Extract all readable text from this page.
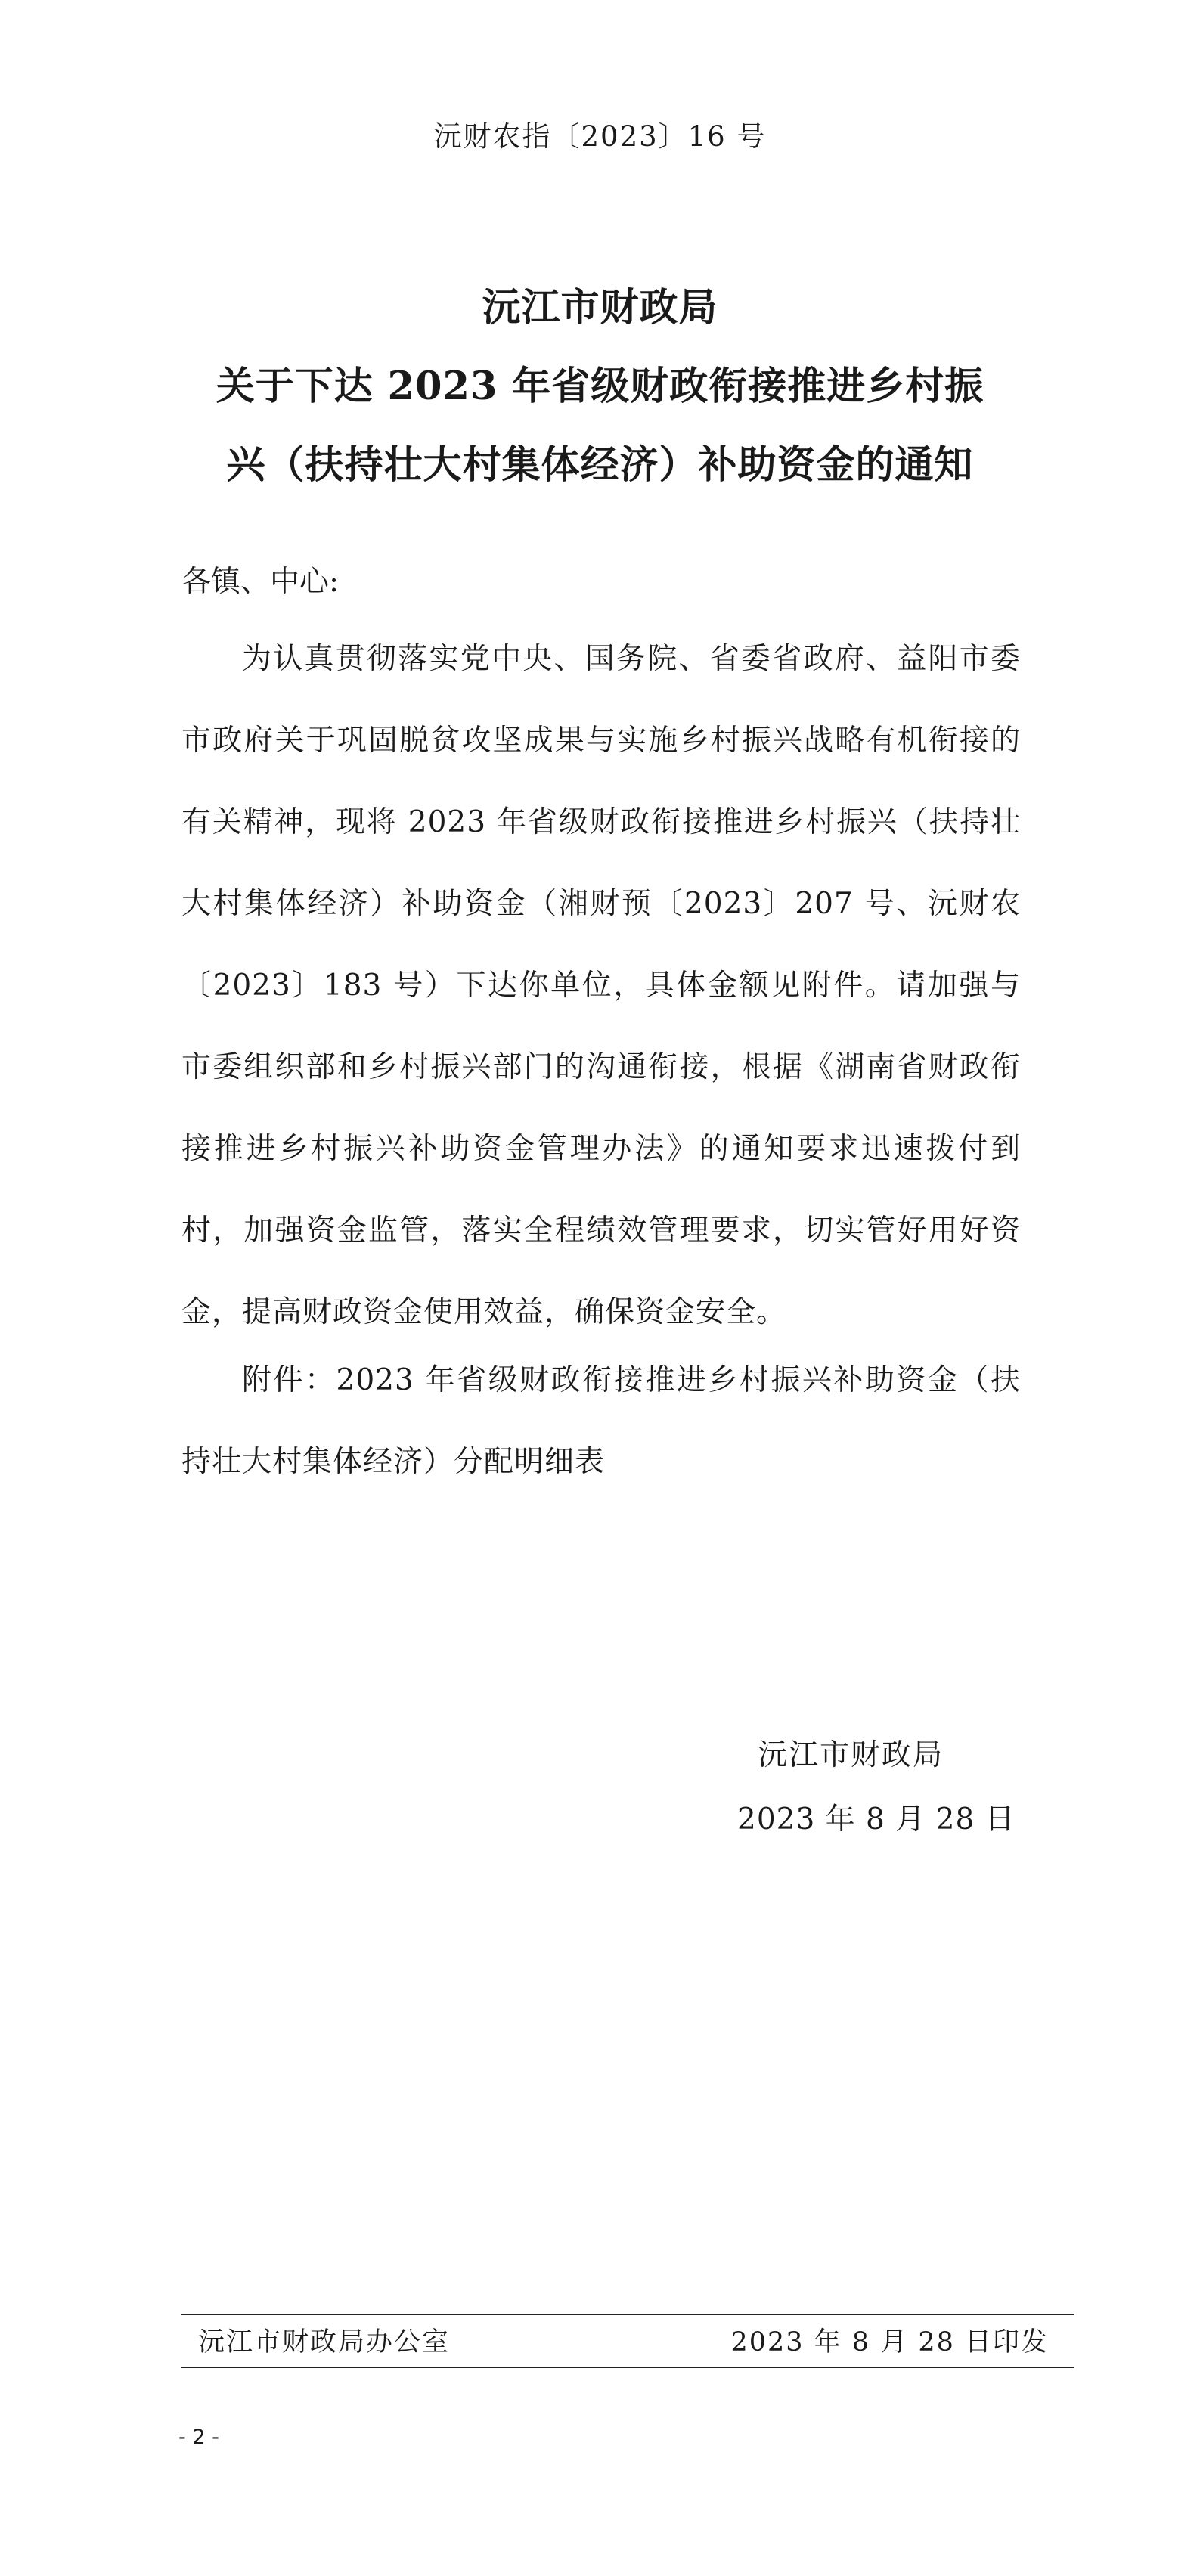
沅财农指〔2023〕16 号
沅江市财政局
关于下达 2023 年省级财政衔接推进乡村振
兴（扶持壮大村集体经济）补助资金的通知
各镇、中心:
为认真贯彻落实党中央、国务院、省委省政府、益阳市委市政府关于巩固脱贫攻坚成果与实施乡村振兴战略有机衔接的有关精神，现将 2023 年省级财政衔接推进乡村振兴（扶持壮大村集体经济）补助资金（湘财预〔2023〕207 号、沅财农〔2023〕183 号）下达你单位，具体金额见附件。请加强与市委组织部和乡村振兴部门的沟通衔接，根据《湖南省财政衔接推进乡村振兴补助资金管理办法》的通知要求迅速拨付到村，加强资金监管，落实全程绩效管理要求，切实管好用好资金，提高财政资金使用效益，确保资金安全。
附件：2023 年省级财政衔接推进乡村振兴补助资金（扶持壮大村集体经济）分配明细表
沅江市财政局
2023 年 8 月 28 日
沅江市财政局办公室	2023 年 8 月 28 日印发
- 2 -
